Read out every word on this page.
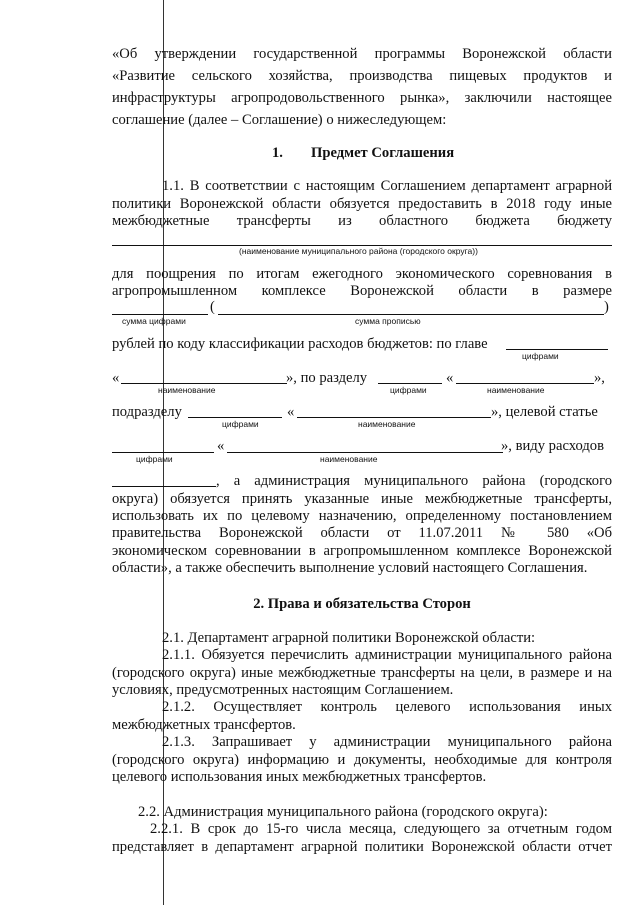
«Об утверждении государственной программы Воронежской области
«Развитие сельского хозяйства, производства пищевых продуктов и
инфраструктуры агропродовольственного рынка», заключили настоящее
соглашение (далее – Соглашение) о нижеследующем:
1.	Предмет Соглашения
1.1. В соответствии с настоящим Соглашением департамент аграрной
политики Воронежской области обязуется предоставить в 2018 году иные
межбюджетные трансферты из областного бюджета бюджету
(наименование муниципального района (городского округа))
для поощрения по итогам ежегодного экономического соревнования в
агропромышленном комплексе Воронежской области в размере
(	)
сумма цифрами	сумма прописью
рублей по коду классификации расходов бюджетов: по главе
цифрами
«	», по разделу	«	»,
наименование	цифрами	наименование
подразделу	«	», целевой статье
цифрами	наименование
«	», виду расходов
цифрами	наименование
, а администрация муниципального района (городского
округа) обязуется принять указанные иные межбюджетные трансферты,
использовать их по целевому назначению, определенному постановлением
правительства Воронежской области от 11.07.2011 № 580 «Об
экономическом соревновании в агропромышленном комплексе Воронежской
области», а также обеспечить выполнение условий настоящего Соглашения.
2. Права и обязательства Сторон
2.1. Департамент аграрной политики Воронежской области:
2.1.1. Обязуется перечислить администрации муниципального района
(городского округа) иные межбюджетные трансферты на цели, в размере и на
условиях, предусмотренных настоящим Соглашением.
2.1.2. Осуществляет контроль целевого использования иных
межбюджетных трансфертов.
2.1.3. Запрашивает у администрации муниципального района
(городского округа) информацию и документы, необходимые для контроля
целевого использования иных межбюджетных трансфертов.
2.2. Администрация муниципального района (городского округа):
2.2.1. В срок до 15-го числа месяца, следующего за отчетным годом
представляет в департамент аграрной политики Воронежской области отчет
